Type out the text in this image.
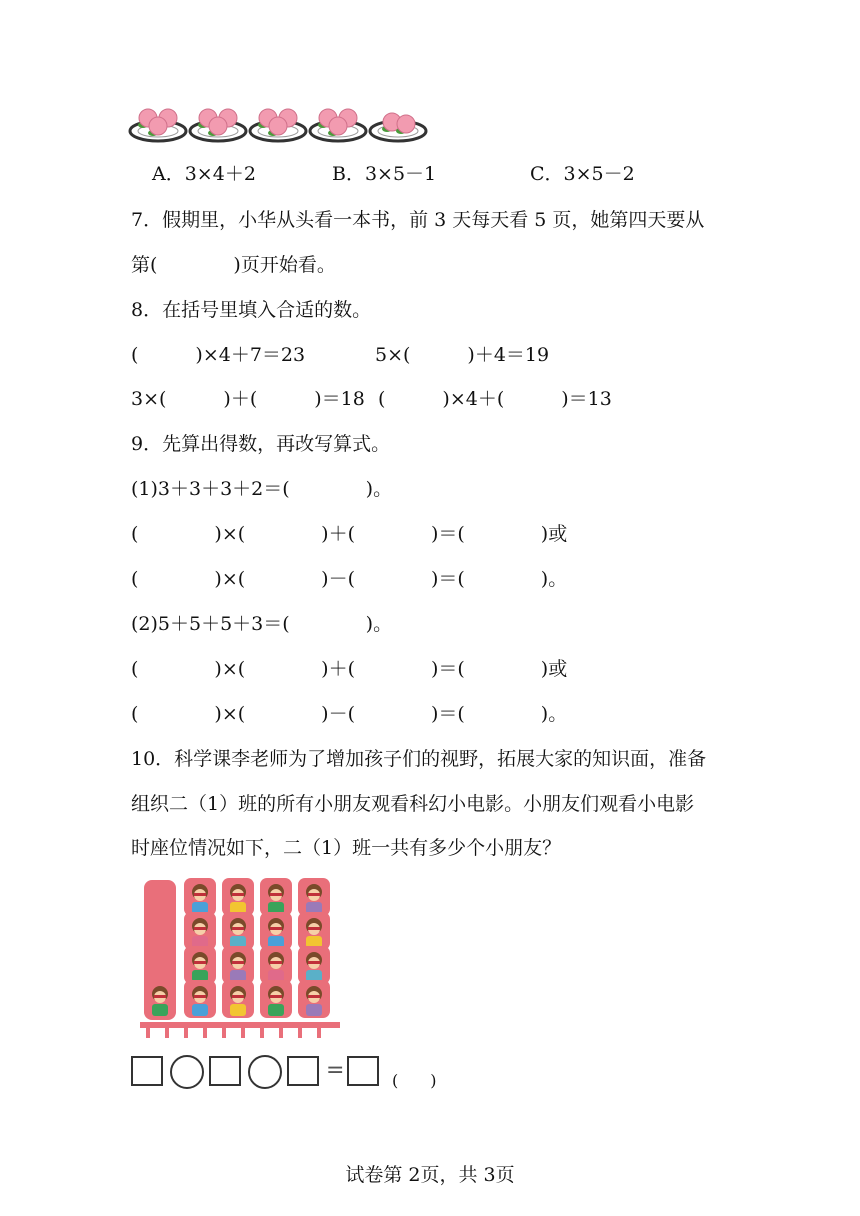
A．3×4＋2	B．3×5－1	C．3×5－2
7．假期里，小华从头看一本书，前 3 天每天看 5 页，她第四天要从
第(　　　　)页开始看。
8．在括号里填入合适的数。
(　　　)×4＋7＝23	5×(　　　)＋4＝19
3×(　　　)＋(　　　)＝18 (　　　)×4＋(　　　)＝13
9．先算出得数，再改写算式。
(1)3＋3＋3＋2＝(　　　　)。
(　　　　)×(　　　　)＋(　　　　)＝(　　　　)或
(　　　　)×(　　　　)－(　　　　)＝(　　　　)。
(2)5＋5＋5＋3＝(　　　　)。
(　　　　)×(　　　　)＋(　　　　)＝(　　　　)或
(　　　　)×(　　　　)－(　　　　)＝(　　　　)。
10．科学课李老师为了增加孩子们的视野，拓展大家的知识面，准备
组织二（1）班的所有小朋友观看科幻小电影。小朋友们观看小电影
时座位情况如下，二（1）班一共有多少个小朋友？
=	(　　)
试卷第 2页，共 3页
